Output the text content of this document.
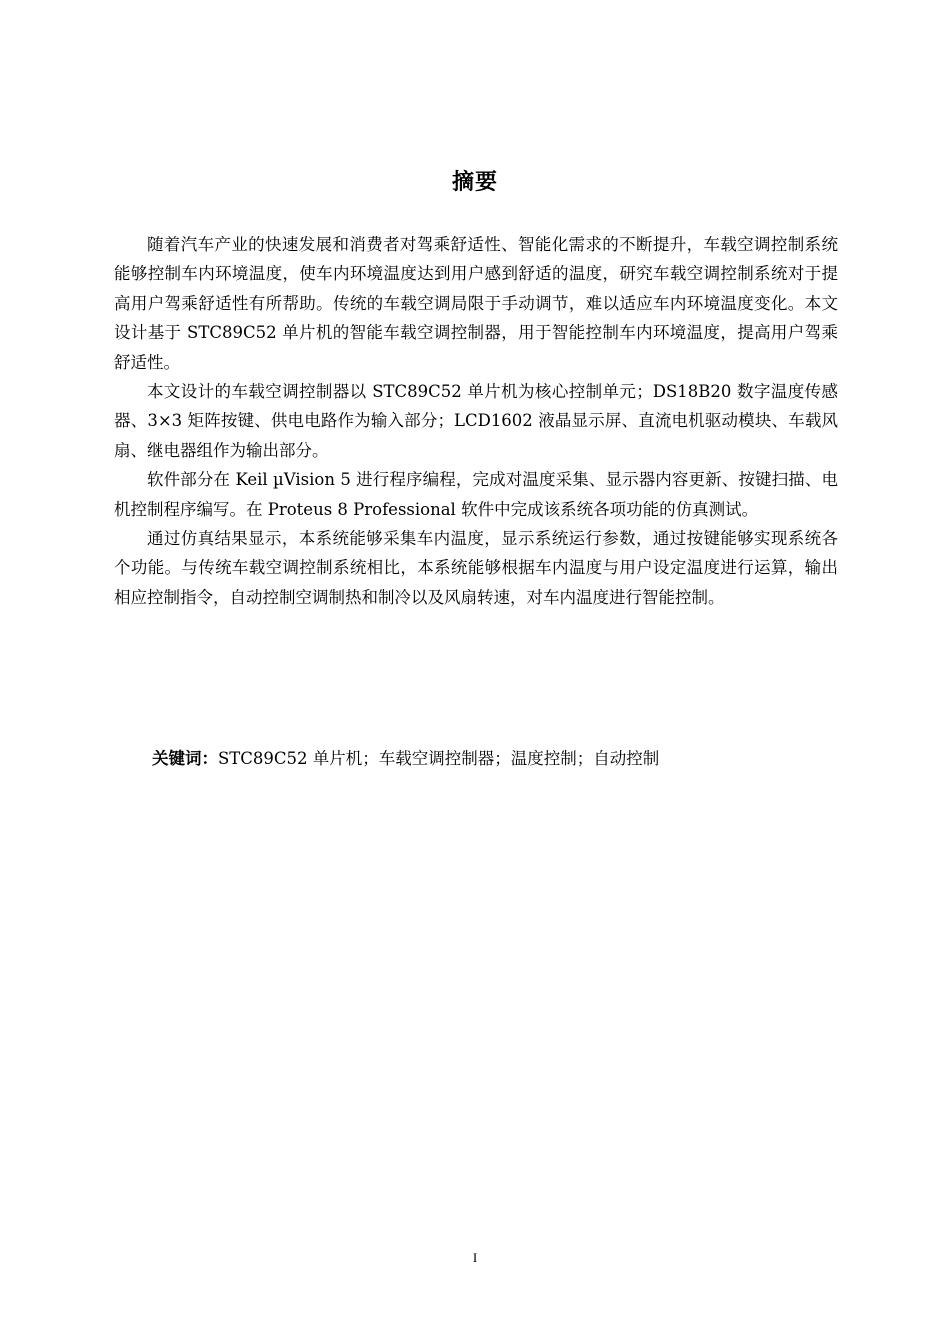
摘要

随着汽车产业的快速发展和消费者对驾乘舒适性、智能化需求的不断提升，车载空调控制系统能够控制车内环境温度，使车内环境温度达到用户感到舒适的温度，研究车载空调控制系统对于提高用户驾乘舒适性有所帮助。传统的车载空调局限于手动调节，难以适应车内环境温度变化。本文设计基于 STC89C52 单片机的智能车载空调控制器，用于智能控制车内环境温度，提高用户驾乘舒适性。

本文设计的车载空调控制器以 STC89C52 单片机为核心控制单元；DS18B20 数字温度传感器、3×3 矩阵按键、供电电路作为输入部分；LCD1602 液晶显示屏、直流电机驱动模块、车载风扇、继电器组作为输出部分。

软件部分在 Keil µVision 5 进行程序编程，完成对温度采集、显示器内容更新、按键扫描、电机控制程序编写。在 Proteus 8 Professional 软件中完成该系统各项功能的仿真测试。

通过仿真结果显示，本系统能够采集车内温度，显示系统运行参数，通过按键能够实现系统各个功能。与传统车载空调控制系统相比，本系统能够根据车内温度与用户设定温度进行运算，输出相应控制指令，自动控制空调制热和制冷以及风扇转速，对车内温度进行智能控制。

关键词：STC89C52 单片机；车载空调控制器；温度控制；自动控制
I
